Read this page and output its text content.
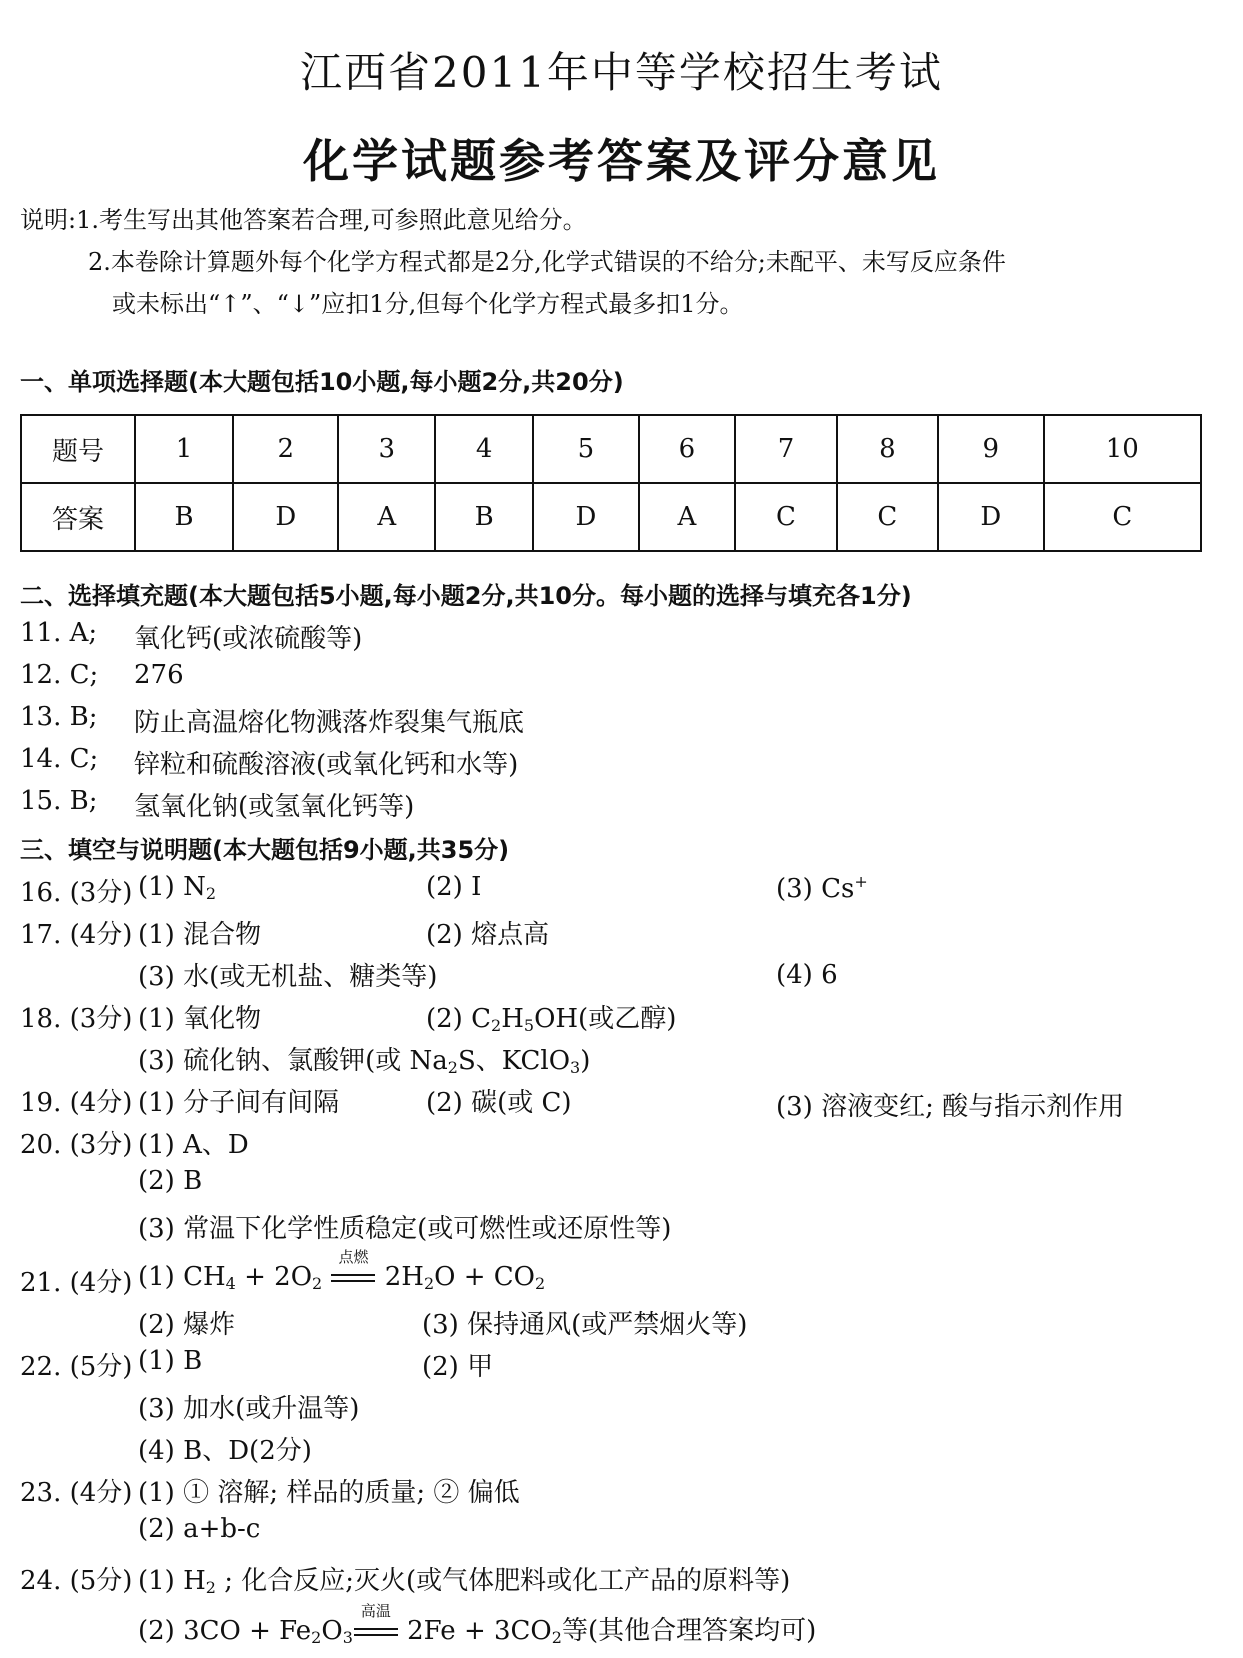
江西省2011年中等学校招生考试
化学试题参考答案及评分意见
说明:1.考生写出其他答案若合理,可参照此意见给分。
2.本卷除计算题外每个化学方程式都是2分,化学式错误的不给分;未配平、未写反应条件
或未标出“↑”、“↓”应扣1分,但每个化学方程式最多扣1分。
一、单项选择题(本大题包括10小题,每小题2分,共20分)
题号	1	2	3	4	5	6	7	8	9	10
答案	B	D	A	B	D	A	C	C	D	C
二、选择填充题(本大题包括5小题,每小题2分,共10分。每小题的选择与填充各1分)
11. A; 氧化钙(或浓硫酸等)
12. C; 276
13. B; 防止高温熔化物溅落炸裂集气瓶底
14. C; 锌粒和硫酸溶液(或氧化钙和水等)
15. B; 氢氧化钠(或氢氧化钙等)
三、填空与说明题(本大题包括9小题,共35分)
16. (3分) (1) $N_2$	(2) I	(3) Cs+
17. (4分) (1) 混合物	(2) 熔点高
(3) 水(或无机盐、糖类等)	(4) 6
18. (3分) (1) 氧化物	(2) $C_2H_5OH$(或乙醇)
(3) 硫化钠、氯酸钾(或 $Na_2S$、KClO$_3$)
19. (4分) (1) 分子间有间隔	(2) 碳(或 C)	(3) 溶液变红; 酸与指示剂作用
20. (3分) (1) A、D
(2) B
(3) 常温下化学性质稳定(或可燃性或还原性等)
21. (4分) (1) $CH_4 + 2O_2$
点燃
$2H_2O + CO_2$
(2) 爆炸	(3) 保持通风(或严禁烟火等)
22. (5分) (1) B	(2) 甲
(3) 加水(或升温等)
(4) B、D(2分)
23. (4分) (1) ① 溶解; 样品的质量; ② 偏低
(2) a+b-c
24. (5分) (1) $H_2$ ; 化合反应;灭火(或气体肥料或化工产品的原料等)
(2) $3CO + Fe_2O_3$
高温
$2Fe + 3CO_2$等(其他合理答案均可)
